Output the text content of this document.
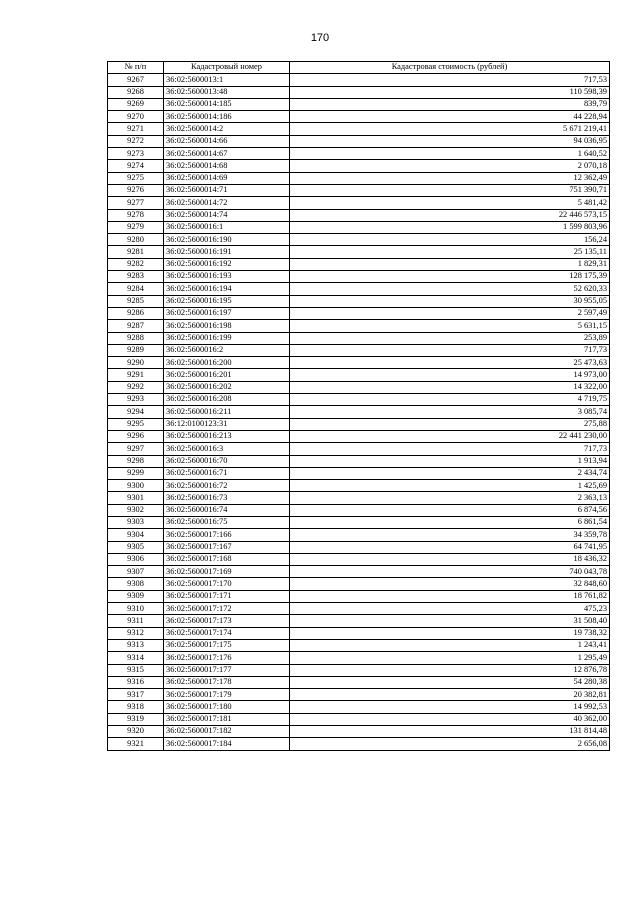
170
№ п/п	Кадастровый номер	Кадастровая стоимость (рублей)
9267	36:02:5600013:1	717,53
9268	36:02:5600013:48	110 598,39
9269	36:02:5600014:185	839,79
9270	36:02:5600014:186	44 228,94
9271	36:02:5600014:2	5 671 219,41
9272	36:02:5600014:66	94 036,95
9273	36:02:5600014:67	1 640,52
9274	36:02:5600014:68	2 070,18
9275	36:02:5600014:69	12 362,49
9276	36:02:5600014:71	751 390,71
9277	36:02:5600014:72	5 481,42
9278	36:02:5600014:74	22 446 573,15
9279	36:02:5600016:1	1 599 803,96
9280	36:02:5600016:190	156,24
9281	36:02:5600016:191	25 135,11
9282	36:02:5600016:192	1 829,31
9283	36:02:5600016:193	128 175,39
9284	36:02:5600016:194	52 620,33
9285	36:02:5600016:195	30 955,05
9286	36:02:5600016:197	2 597,49
9287	36:02:5600016:198	5 631,15
9288	36:02:5600016:199	253,89
9289	36:02:5600016:2	717,73
9290	36:02:5600016:200	25 473,63
9291	36:02:5600016:201	14 973,00
9292	36:02:5600016:202	14 322,00
9293	36:02:5600016:208	4 719,75
9294	36:02:5600016:211	3 085,74
9295	36:12:0100123:31	275,88
9296	36:02:5600016:213	22 441 230,00
9297	36:02:5600016:3	717,73
9298	36:02:5600016:70	1 913,94
9299	36:02:5600016:71	2 434,74
9300	36:02:5600016:72	1 425,69
9301	36:02:5600016:73	2 363,13
9302	36:02:5600016:74	6 874,56
9303	36:02:5600016:75	6 861,54
9304	36:02:5600017:166	34 359,78
9305	36:02:5600017:167	64 741,95
9306	36:02:5600017:168	18 436,32
9307	36:02:5600017:169	740 043,78
9308	36:02:5600017:170	32 848,60
9309	36:02:5600017:171	18 761,82
9310	36:02:5600017:172	475,23
9311	36:02:5600017:173	31 508,40
9312	36:02:5600017:174	19 738,32
9313	36:02:5600017:175	1 243,41
9314	36:02:5600017:176	1 295,49
9315	36:02:5600017:177	12 876,78
9316	36:02:5600017:178	54 280,38
9317	36:02:5600017:179	20 382,81
9318	36:02:5600017:180	14 992,53
9319	36:02:5600017:181	40 362,00
9320	36:02:5600017:182	131 814,48
9321	36:02:5600017:184	2 656,08
